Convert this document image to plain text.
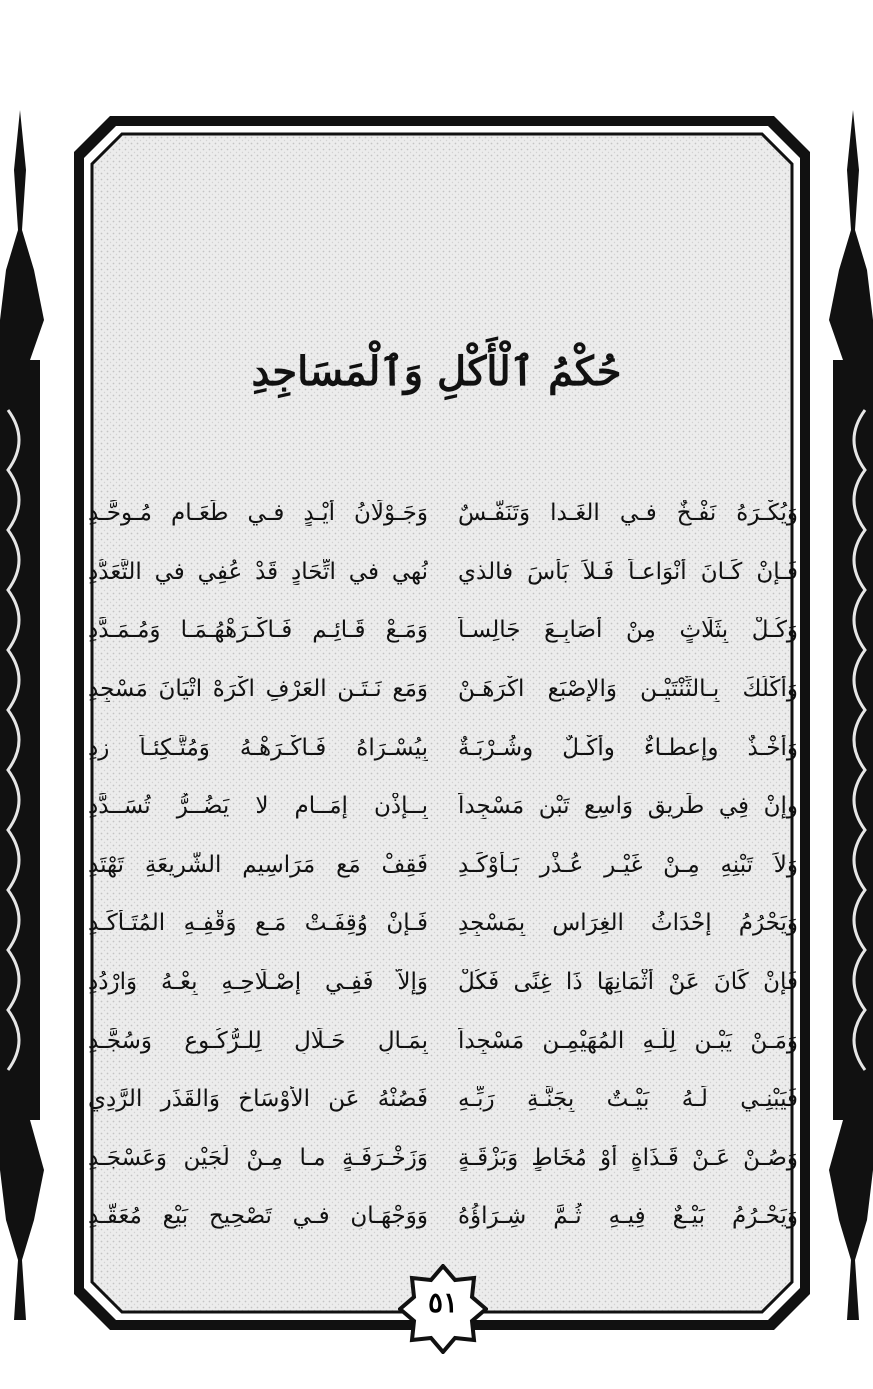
حُكْمُ ٱلْأَكْلِ وَٱلْمَسَاجِدِ
وَيُكْـرَهُ نَفْـخٌ فـي الغَـدا وَتَنَفُّـسٌ
وَجَـوْلَانُ أَيْـدٍ فـي طَعَـامٍ مُـوحَّـدِ
فَـإِنْ كَـانَ أَنْوَاعـاً فَـلاَ بَأْسَ فالذي
نُهِي في اتِّحَادٍ قَدْ عُفِي في التَّعَدُّدِ
وَكُـلْ بِثَلَاثٍ مِنْ أَصَابِـعَ جَالِسـاً
وَمَـعْ قَـائِـم فَـاكْـرَهْهُـمَـا وَمُـمَـدَّدِ
وَأَكْلُكَ بِـالثِّنْتَيْـنِ وَالإِصْبَعِ اكْرَهَـنْ
وَمَع نَـتَـنِ العَرْفِ اكْرَهْ اتْيَانَ مَسْجِدِ
وَأَخْـذٌ وإعطـاءٌ وأَكْـلٌ وشُـرْبَـةٌ
بِيُسْـرَاهُ فَـاكْـرَهْـهُ وَمُتَّـكِئـاً زِدِ
وإنْ فِي طَرِيقٍ وَاسِعٍ تَبْنِ مَسْجِداً
بِــإِذْنِ إِمَــامٍ لا يَضُــرُّ تُسَــدَّدِ
وَلاَ تَبْنِهِ مِـنْ غَيْـرِ عُـذْرٍ بَـأَوْكَـدِ
فَقِفْ مَع مَرَاسِيمِ الشَّرِيعَةِ تَهْتَدِ
وَيَحْرُمُ إِحْدَاثُ الغِرَاسِ بِمَسْجِدِ
فَـإِنْ وُقِفَـتْ مَـع وَقْفِـهِ المُتَـأَكِّـدِ
فَإِنْ كَانَ عَنْ أَثْمَانِهَا ذَا غِنًى فَكُلْ
وَإِلاَّ فَفِـي إِصْـلَاحِـهِ بِعْـهُ وَارْدُدِ
وَمَـنْ يَبْـنِ لِلَّـهِ المُهَيْمِـنِ مَسْجِداً
بِمَـالٍ حَـلَالٍ لِلـرُّكُـوعِ وَسُجَّـدِ
فَيَبْنِـي لَـهُ بَيْـتٌ بِجَنَّـةِ رَبِّـهِ
فَصُنْهُ عَنِ الأَوْسَاخِ وَالقَذَرِ الرَّدِي
وَصُـنْ عَـنْ قَـذَاةٍ أَوْ مُخَاطٍ وَبَزْقَـةٍ
وَزَخْـرَفَـةٍ مـا مِـنْ لُجَيْنٍ وَعَسْجَـدِ
وَيَحْـرُمُ بَيْـعٌ فِيـهِ ثُـمَّ شِـرَاؤُهُ
وَوَجْهَـانِ فـي تَصْحِيحِ بَيْعٍ مُعَقَّـدِ
٥١
